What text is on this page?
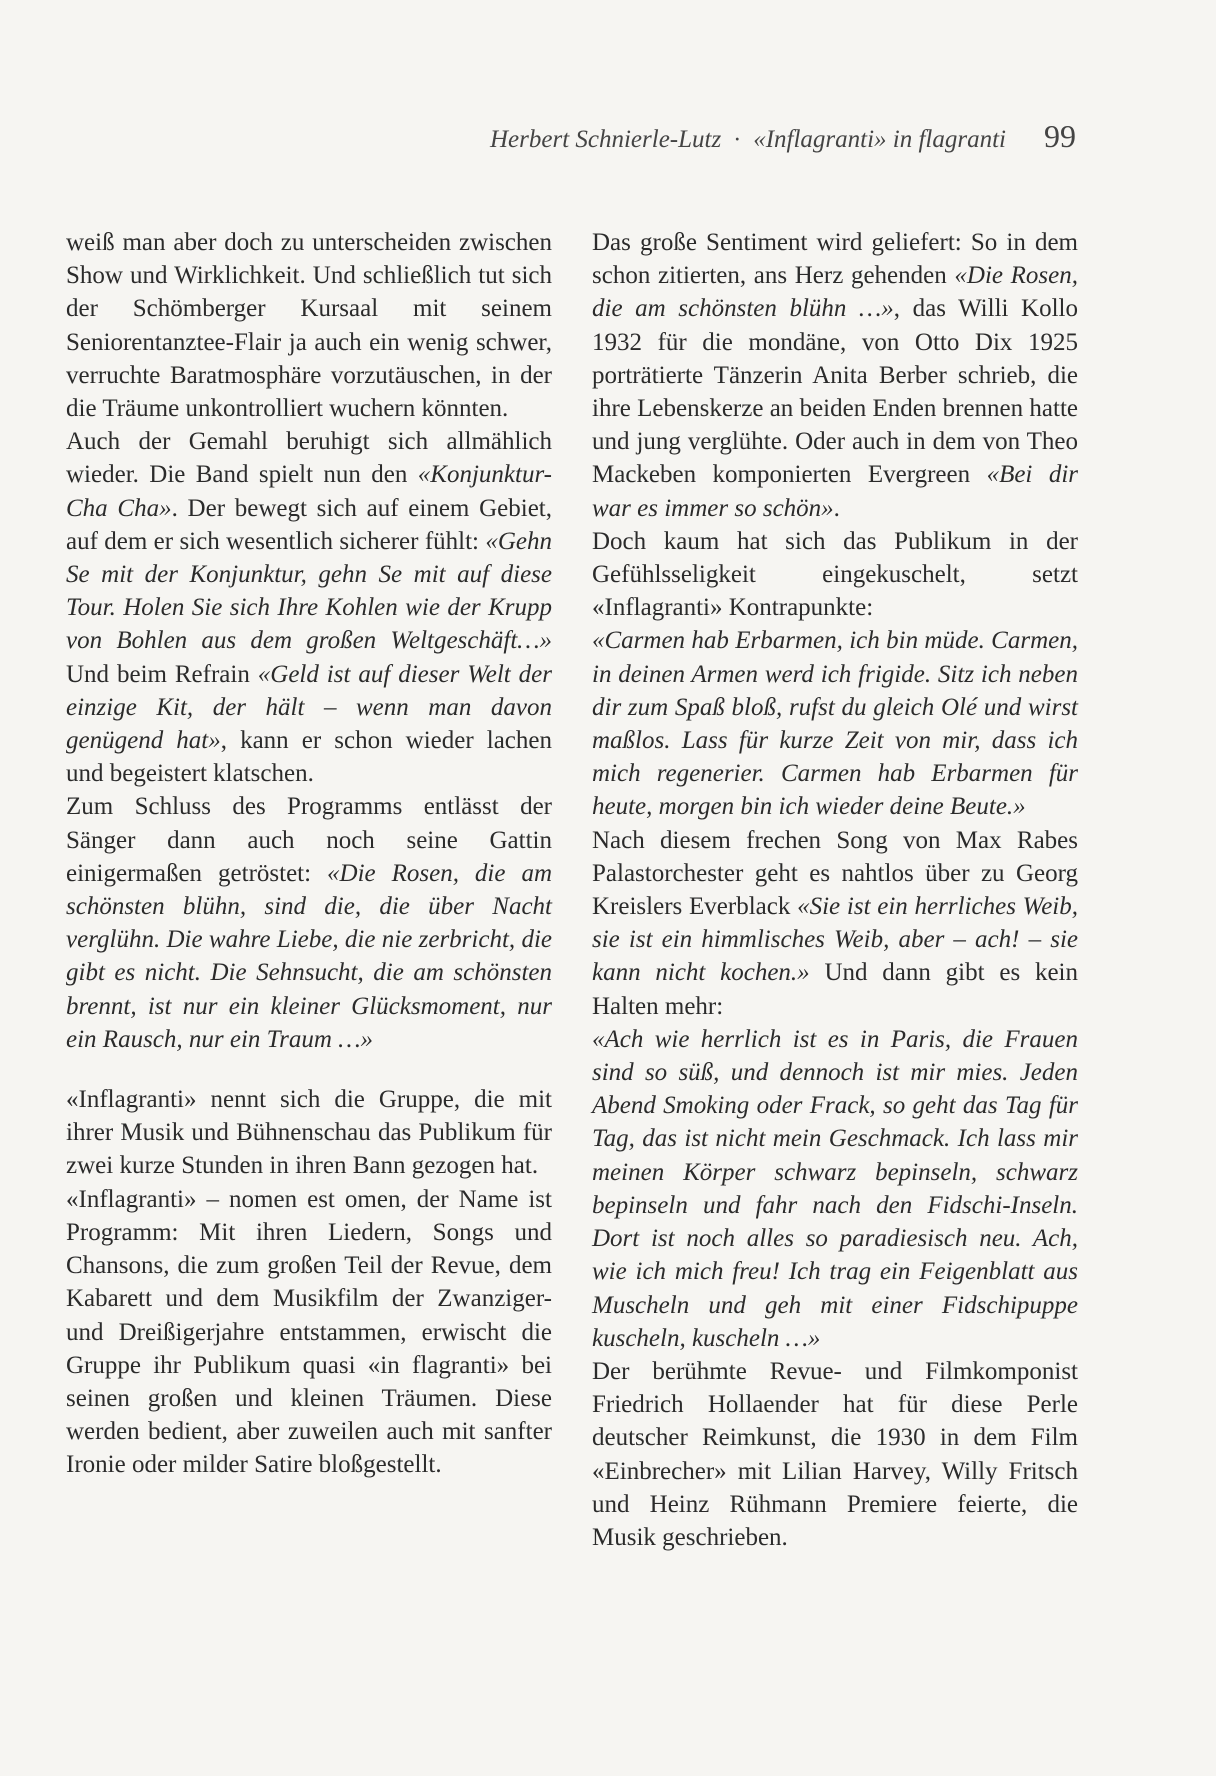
Herbert Schnierle-Lutz · «Inflagranti» in flagranti 99

weiß man aber doch zu unterscheiden zwischen Show und Wirklichkeit. Und schließlich tut sich der Schömberger Kursaal mit seinem Seniorentanztee-Flair ja auch ein wenig schwer, verruchte Baratmosphäre vorzutäuschen, in der die Träume unkontrolliert wuchern könnten.

Auch der Gemahl beruhigt sich allmählich wieder. Die Band spielt nun den «Konjunktur-Cha Cha». Der bewegt sich auf einem Gebiet, auf dem er sich wesentlich sicherer fühlt: «Gehn Se mit der Konjunktur, gehn Se mit auf diese Tour. Holen Sie sich Ihre Kohlen wie der Krupp von Bohlen aus dem großen Weltgeschäft…» Und beim Refrain «Geld ist auf dieser Welt der einzige Kit, der hält – wenn man davon genügend hat», kann er schon wieder lachen und begeistert klatschen.

Zum Schluss des Programms entlässt der Sänger dann auch noch seine Gattin einigermaßen getröstet: «Die Rosen, die am schönsten blühn, sind die, die über Nacht verglühn. Die wahre Liebe, die nie zerbricht, die gibt es nicht. Die Sehnsucht, die am schönsten brennt, ist nur ein kleiner Glücksmoment, nur ein Rausch, nur ein Traum …»

«Inflagranti» nennt sich die Gruppe, die mit ihrer Musik und Bühnenschau das Publikum für zwei kurze Stunden in ihren Bann gezogen hat.

«Inflagranti» – nomen est omen, der Name ist Programm: Mit ihren Liedern, Songs und Chansons, die zum großen Teil der Revue, dem Kabarett und dem Musikfilm der Zwanziger- und Dreißigerjahre entstammen, erwischt die Gruppe ihr Publikum quasi «in flagranti» bei seinen großen und kleinen Träumen. Diese werden bedient, aber zuweilen auch mit sanfter Ironie oder milder Satire bloßgestellt.

Das große Sentiment wird geliefert: So in dem schon zitierten, ans Herz gehenden «Die Rosen, die am schönsten blühn …», das Willi Kollo 1932 für die mondäne, von Otto Dix 1925 porträtierte Tänzerin Anita Berber schrieb, die ihre Lebenskerze an beiden Enden brennen hatte und jung verglühte. Oder auch in dem von Theo Mackeben komponierten Evergreen «Bei dir war es immer so schön».

Doch kaum hat sich das Publikum in der Gefühlsseligkeit eingekuschelt, setzt «Inflagranti» Kontrapunkte:

«Carmen hab Erbarmen, ich bin müde. Carmen, in deinen Armen werd ich frigide. Sitz ich neben dir zum Spaß bloß, rufst du gleich Olé und wirst maßlos. Lass für kurze Zeit von mir, dass ich mich regenerier. Carmen hab Erbarmen für heute, morgen bin ich wieder deine Beute.»

Nach diesem frechen Song von Max Rabes Palastorchester geht es nahtlos über zu Georg Kreislers Everblack «Sie ist ein herrliches Weib, sie ist ein himmlisches Weib, aber – ach! – sie kann nicht kochen.» Und dann gibt es kein Halten mehr:

«Ach wie herrlich ist es in Paris, die Frauen sind so süß, und dennoch ist mir mies. Jeden Abend Smoking oder Frack, so geht das Tag für Tag, das ist nicht mein Geschmack. Ich lass mir meinen Körper schwarz bepinseln, schwarz bepinseln und fahr nach den Fidschi-Inseln. Dort ist noch alles so paradiesisch neu. Ach, wie ich mich freu! Ich trag ein Feigenblatt aus Muscheln und geh mit einer Fidschipuppe kuscheln, kuscheln …»

Der berühmte Revue- und Filmkomponist Friedrich Hollaender hat für diese Perle deutscher Reimkunst, die 1930 in dem Film «Einbrecher» mit Lilian Harvey, Willy Fritsch und Heinz Rühmann Premiere feierte, die Musik geschrieben.
